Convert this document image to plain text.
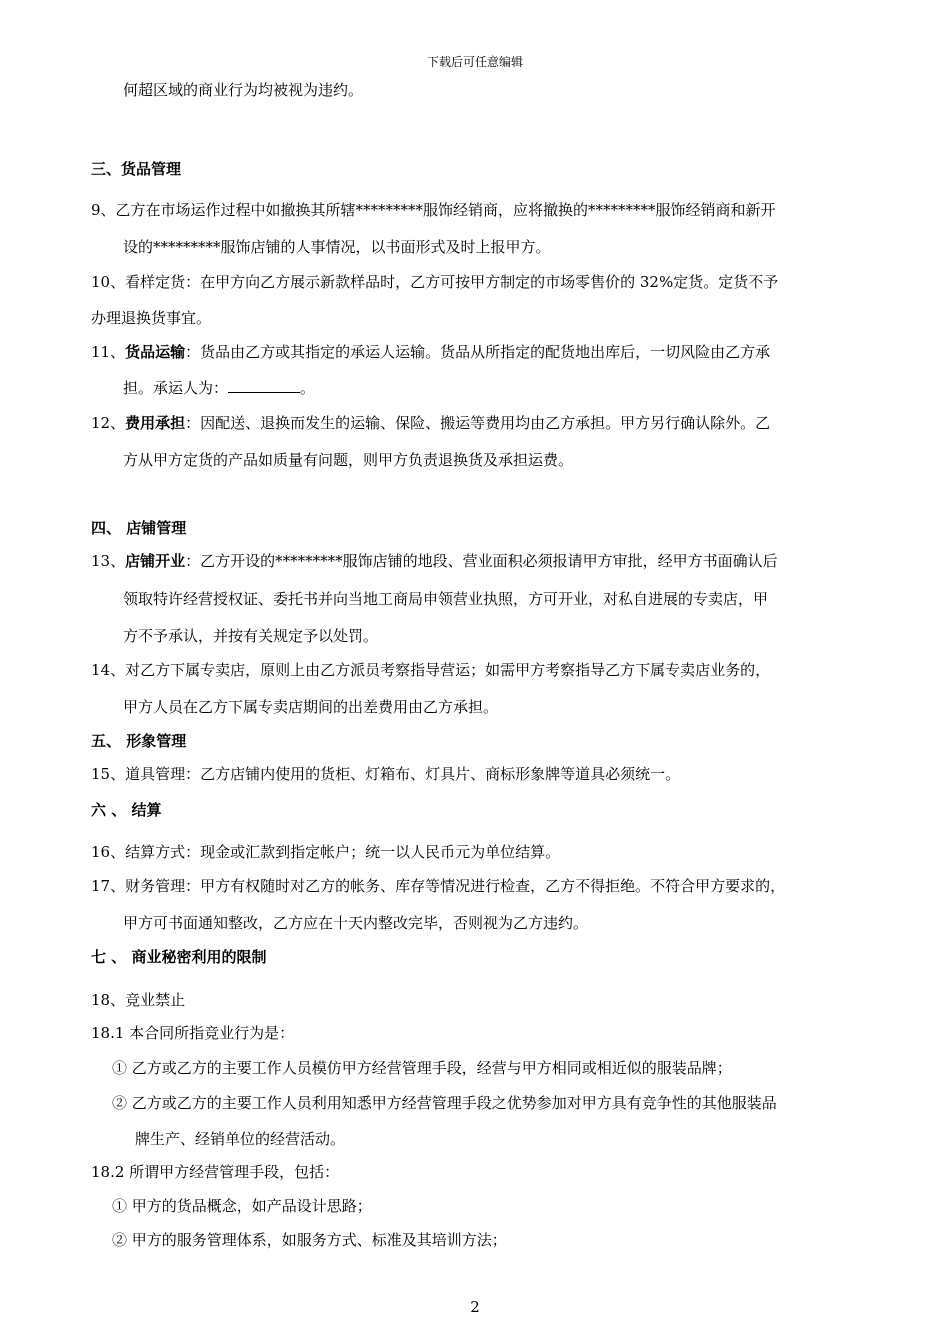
下载后可任意编辑
何超区域的商业行为均被视为违约。
三、货品管理
9、乙方在市场运作过程中如撤换其所辖*********服饰经销商，应将撤换的*********服饰经销商和新开
设的*********服饰店铺的人事情况，以书面形式及时上报甲方。
10、看样定货：在甲方向乙方展示新款样品时，乙方可按甲方制定的市场零售价的 32%定货。定货不予
办理退换货事宜。
11、货品运输：货品由乙方或其指定的承运人运输。货品从所指定的配货地出库后，一切风险由乙方承
担。承运人为：	。
12、费用承担：因配送、退换而发生的运输、保险、搬运等费用均由乙方承担。甲方另行确认除外。乙
方从甲方定货的产品如质量有问题，则甲方负责退换货及承担运费。
四、 店铺管理
13、店铺开业：乙方开设的*********服饰店铺的地段、营业面积必须报请甲方审批，经甲方书面确认后
领取特许经营授权证、委托书并向当地工商局申领营业执照，方可开业，对私自进展的专卖店，甲
方不予承认，并按有关规定予以处罚。
14、对乙方下属专卖店，原则上由乙方派员考察指导营运；如需甲方考察指导乙方下属专卖店业务的，
甲方人员在乙方下属专卖店期间的出差费用由乙方承担。
五、 形象管理
15、道具管理：乙方店铺内使用的货柜、灯箱布、灯具片、商标形象牌等道具必须统一。
六 、 结算
16、结算方式：现金或汇款到指定帐户；统一以人民币元为单位结算。
17、财务管理：甲方有权随时对乙方的帐务、库存等情况进行检查，乙方不得拒绝。不符合甲方要求的，
甲方可书面通知整改，乙方应在十天内整改完毕，否则视为乙方违约。
七 、 商业秘密利用的限制
18、竞业禁止
18.1 本合同所指竞业行为是：
① 乙方或乙方的主要工作人员模仿甲方经营管理手段，经营与甲方相同或相近似的服装品牌；
② 乙方或乙方的主要工作人员利用知悉甲方经营管理手段之优势参加对甲方具有竞争性的其他服装品
牌生产、经销单位的经营活动。
18.2 所谓甲方经营管理手段，包括：
① 甲方的货品概念，如产品设计思路；
② 甲方的服务管理体系，如服务方式、标准及其培训方法；
2
